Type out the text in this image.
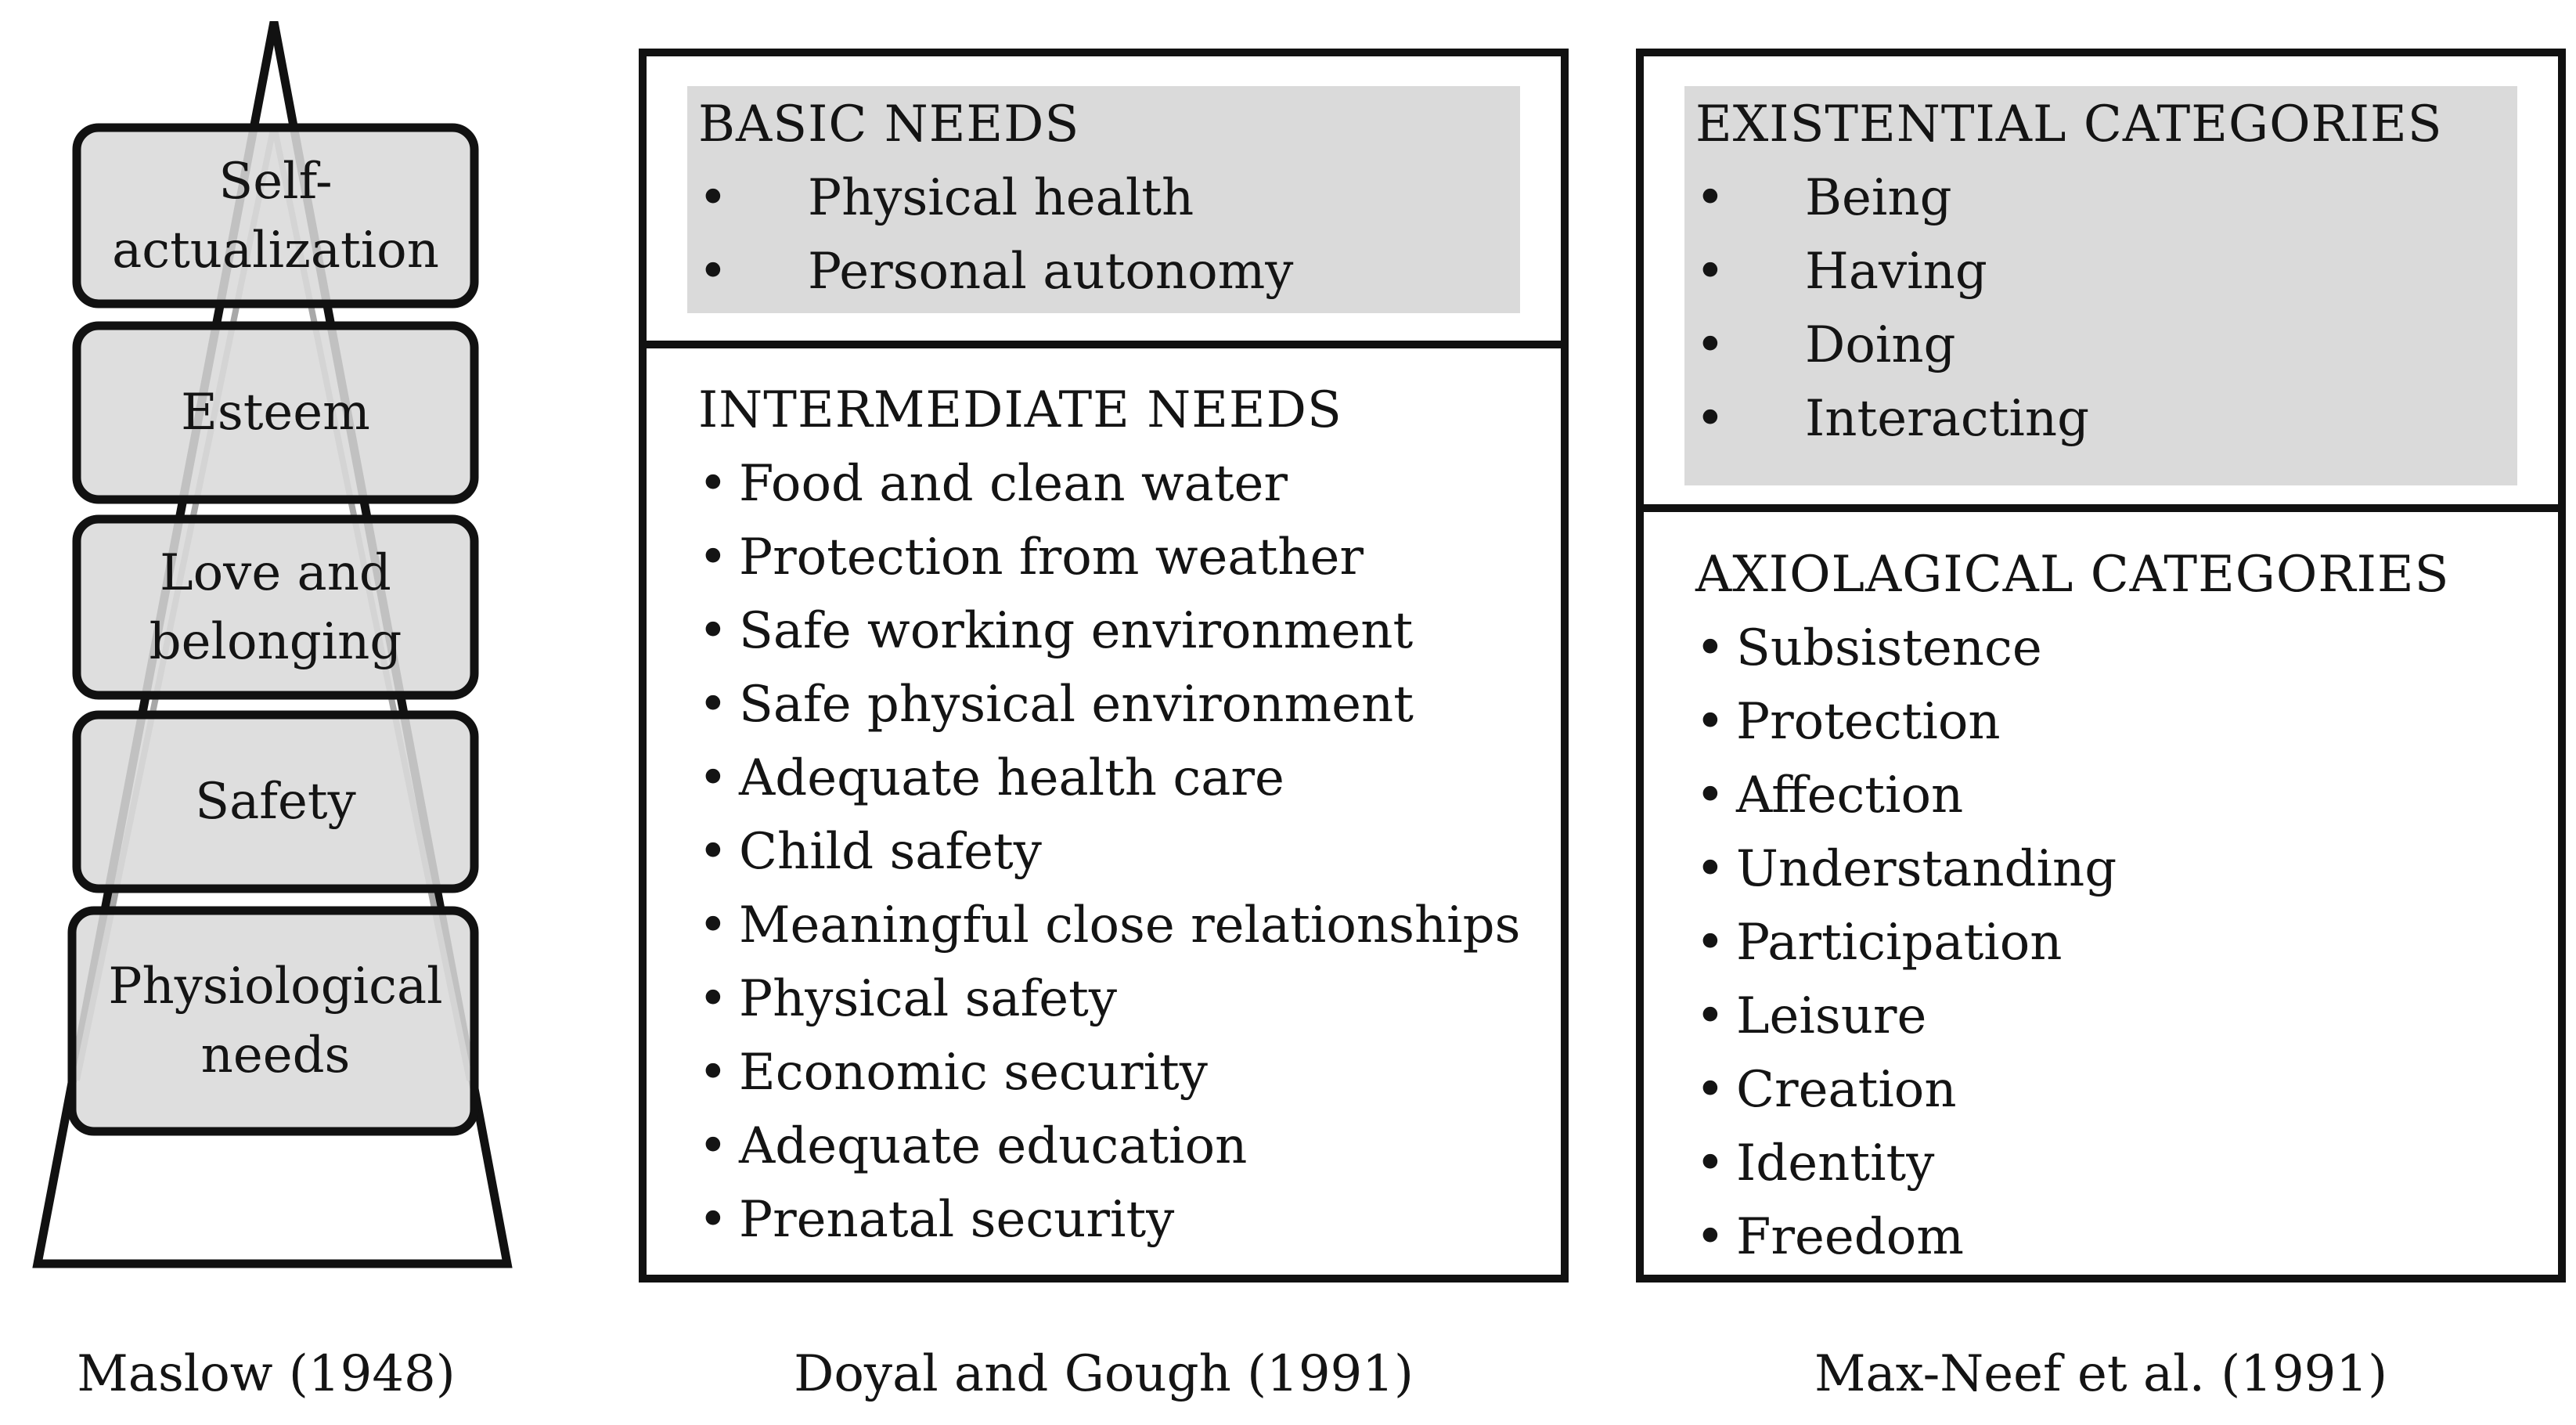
Self-
actualization
Esteem
Love and
belonging
Safety
Physiological
needs
BASIC NEEDS
• Physical health
• Personal autonomy
INTERMEDIATE NEEDS
• Food and clean water
• Protection from weather
• Safe working environment
• Safe physical environment
• Adequate health care
• Child safety
• Meaningful close relationships
• Physical safety
• Economic security
• Adequate education
• Prenatal security
EXISTENTIAL CATEGORIES
• Being
• Having
• Doing
• Interacting
AXIOLAGICAL CATEGORIES
• Subsistence
• Protection
• Affection
• Understanding
• Participation
• Leisure
• Creation
• Identity
• Freedom
Maslow (1948)	Doyal and Gough (1991)	Max-Neef et al. (1991)
